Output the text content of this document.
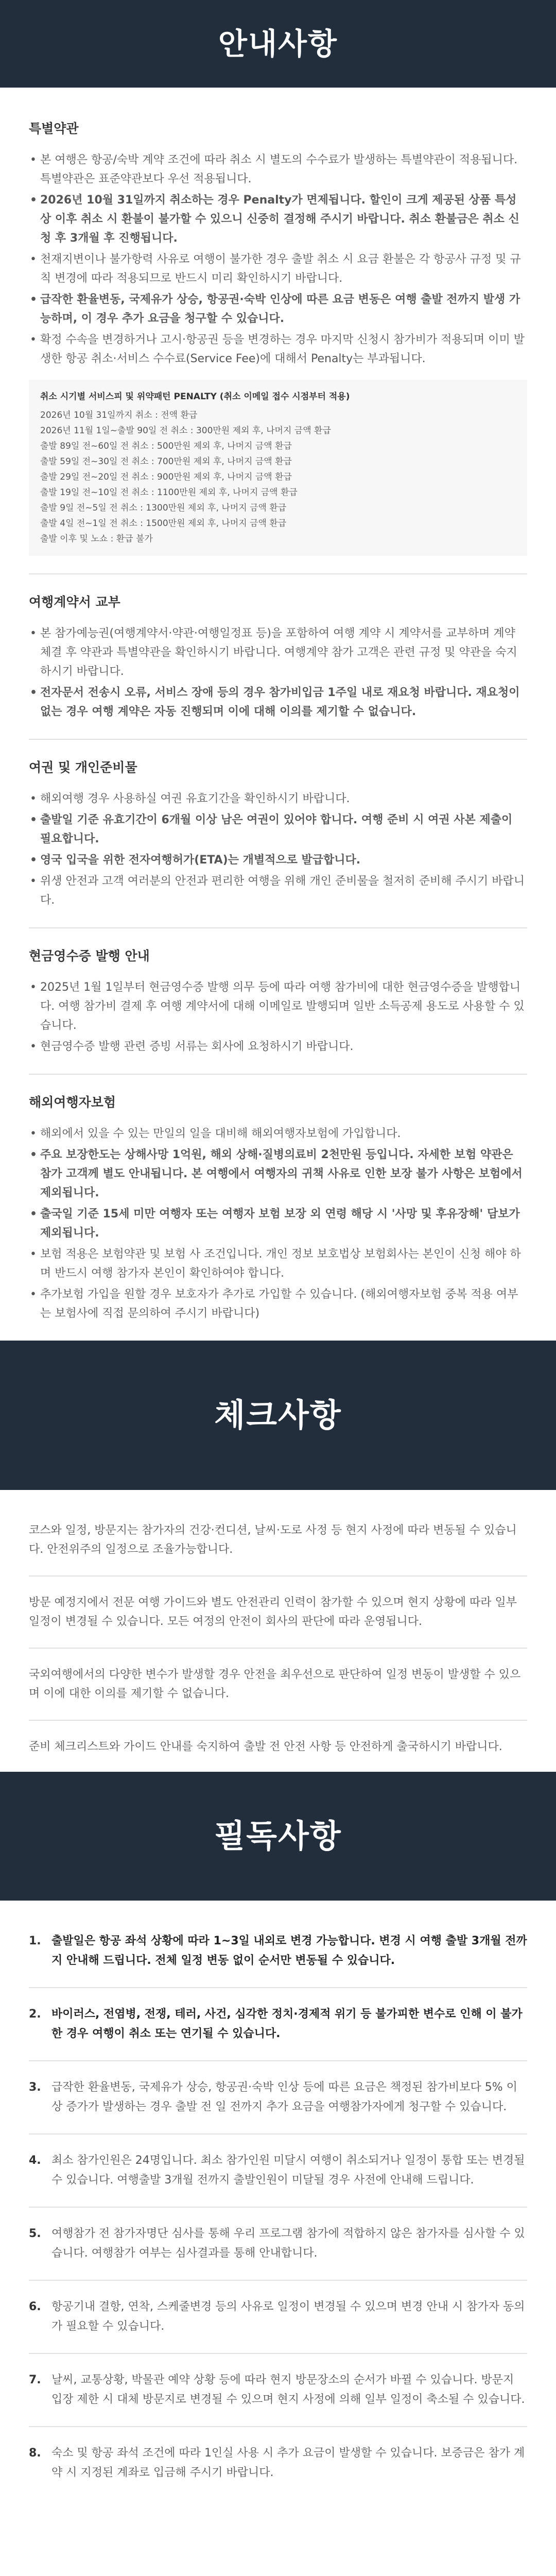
안내사항
특별약관
• 본 여행은 항공/숙박 계약 조건에 따라 취소 시 별도의 수수료가 발생하는 특별약관이 적용됩니다. 특별약관은 표준약관보다 우선 적용됩니다.
• 2026년 10월 31일까지 취소하는 경우 Penalty가 면제됩니다. 할인이 크게 제공된 상품 특성상 이후 취소 시 환불이 불가할 수 있으니 신중히 결정해 주시기 바랍니다. 취소 환불금은 취소 신청 후 3개월 후 진행됩니다.
• 천재지변이나 불가항력 사유로 여행이 불가한 경우 출발 취소 시 요금 환불은 각 항공사 규정 및 규칙 변경에 따라 적용되므로 반드시 미리 확인하시기 바랍니다.
• 급작한 환율변동, 국제유가 상승, 항공권·숙박 인상에 따른 요금 변동은 여행 출발 전까지 발생 가능하며, 이 경우 추가 요금을 청구할 수 있습니다.
• 확정 수속을 변경하거나 고시·항공권 등을 변경하는 경우 마지막 신청시 참가비가 적용되며 이미 발생한 항공 취소·서비스 수수료(Service Fee)에 대해서 Penalty는 부과됩니다.
취소 시기별 서비스피 및 위약패턴 PENALTY (취소 이메일 접수 시점부터 적용)
2026년 10월 31일까지 취소 : 전액 환급
2026년 11월 1일~출발 90일 전 취소 : 300만원 제외 후, 나머지 금액 환급
출발 89일 전~60일 전 취소 : 500만원 제외 후, 나머지 금액 환급
출발 59일 전~30일 전 취소 : 700만원 제외 후, 나머지 금액 환급
출발 29일 전~20일 전 취소 : 900만원 제외 후, 나머지 금액 환급
출발 19일 전~10일 전 취소 : 1100만원 제외 후, 나머지 금액 환급
출발 9일 전~5일 전 취소 : 1300만원 제외 후, 나머지 금액 환급
출발 4일 전~1일 전 취소 : 1500만원 제외 후, 나머지 금액 환급
출발 이후 및 노쇼 : 환급 불가
여행계약서 교부
• 본 참가예능권(여행계약서·약관·여행일정표 등)을 포함하여 여행 계약 시 계약서를 교부하며 계약 체결 후 약관과 특별약관을 확인하시기 바랍니다. 여행계약 참가 고객은 관련 규정 및 약관을 숙지하시기 바랍니다.
• 전자문서 전송시 오류, 서비스 장애 등의 경우 참가비입금 1주일 내로 재요청 바랍니다. 재요청이 없는 경우 여행 계약은 자동 진행되며 이에 대해 이의를 제기할 수 없습니다.
여권 및 개인준비물
• 해외여행 경우 사용하실 여권 유효기간을 확인하시기 바랍니다.
• 출발일 기준 유효기간이 6개월 이상 남은 여권이 있어야 합니다. 여행 준비 시 여권 사본 제출이 필요합니다.
• 영국 입국을 위한 전자여행허가(ETA)는 개별적으로 발급합니다.
• 위생 안전과 고객 여러분의 안전과 편리한 여행을 위해 개인 준비물을 철저히 준비해 주시기 바랍니다.
현금영수증 발행 안내
• 2025년 1월 1일부터 현금영수증 발행 의무 등에 따라 여행 참가비에 대한 현금영수증을 발행합니다. 여행 참가비 결제 후 여행 계약서에 대해 이메일로 발행되며 일반 소득공제 용도로 사용할 수 있습니다.
• 현금영수증 발행 관련 증빙 서류는 회사에 요청하시기 바랍니다.
해외여행자보험
• 해외에서 있을 수 있는 만일의 일을 대비해 해외여행자보험에 가입합니다.
• 주요 보장한도는 상해사망 1억원, 해외 상해·질병의료비 2천만원 등입니다. 자세한 보험 약관은 참가 고객께 별도 안내됩니다. 본 여행에서 여행자의 귀책 사유로 인한 보장 불가 사항은 보험에서 제외됩니다.
• 출국일 기준 15세 미만 여행자 또는 여행자 보험 보장 외 연령 해당 시 '사망 및 후유장해' 담보가 제외됩니다.
• 보험 적용은 보험약관 및 보험 사 조건입니다. 개인 정보 보호법상 보험회사는 본인이 신청 해야 하며 반드시 여행 참가자 본인이 확인하여야 합니다.
• 추가보험 가입을 원할 경우 보호자가 추가로 가입할 수 있습니다. (해외여행자보험 중복 적용 여부는 보험사에 직접 문의하여 주시기 바랍니다)
체크사항

코스와 일정, 방문지는 참가자의 건강·컨디션, 날씨·도로 사정 등 현지 사정에 따라 변동될 수 있습니다. 안전위주의 일정으로 조율가능합니다.

방문 예정지에서 전문 여행 가이드와 별도 안전관리 인력이 참가할 수 있으며 현지 상황에 따라 일부 일정이 변경될 수 있습니다. 모든 여정의 안전이 회사의 판단에 따라 운영됩니다.

국외여행에서의 다양한 변수가 발생할 경우 안전을 최우선으로 판단하여 일정 변동이 발생할 수 있으며 이에 대한 이의를 제기할 수 없습니다.

준비 체크리스트와 가이드 안내를 숙지하여 출발 전 안전 사항 등 안전하게 출국하시기 바랍니다.

필독사항
1. 출발일은 항공 좌석 상황에 따라 1~3일 내외로 변경 가능합니다. 변경 시 여행 출발 3개월 전까지 안내해 드립니다. 전체 일정 변동 없이 순서만 변동될 수 있습니다.
2. 바이러스, 전염병, 전쟁, 테러, 사건, 심각한 정치·경제적 위기 등 불가피한 변수로 인해 이 불가한 경우 여행이 취소 또는 연기될 수 있습니다.
3. 급작한 환율변동, 국제유가 상승, 항공권·숙박 인상 등에 따른 요금은 책정된 참가비보다 5% 이상 증가가 발생하는 경우 출발 전 일 전까지 추가 요금을 여행참가자에게 청구할 수 있습니다.
4. 최소 참가인원은 24명입니다. 최소 참가인원 미달시 여행이 취소되거나 일정이 통합 또는 변경될 수 있습니다. 여행출발 3개월 전까지 출발인원이 미달될 경우 사전에 안내해 드립니다.
5. 여행참가 전 참가자명단 심사를 통해 우리 프로그램 참가에 적합하지 않은 참가자를 심사할 수 있습니다. 여행참가 여부는 심사결과를 통해 안내합니다.
6. 항공기내 결항, 연착, 스케줄변경 등의 사유로 일정이 변경될 수 있으며 변경 안내 시 참가자 동의가 필요할 수 있습니다.
7. 날씨, 교통상황, 박물관 예약 상황 등에 따라 현지 방문장소의 순서가 바뀔 수 있습니다. 방문지 입장 제한 시 대체 방문지로 변경될 수 있으며 현지 사정에 의해 일부 일정이 축소될 수 있습니다.
8. 숙소 및 항공 좌석 조건에 따라 1인실 사용 시 추가 요금이 발생할 수 있습니다. 보증금은 참가 계약 시 지정된 계좌로 입금해 주시기 바랍니다.
